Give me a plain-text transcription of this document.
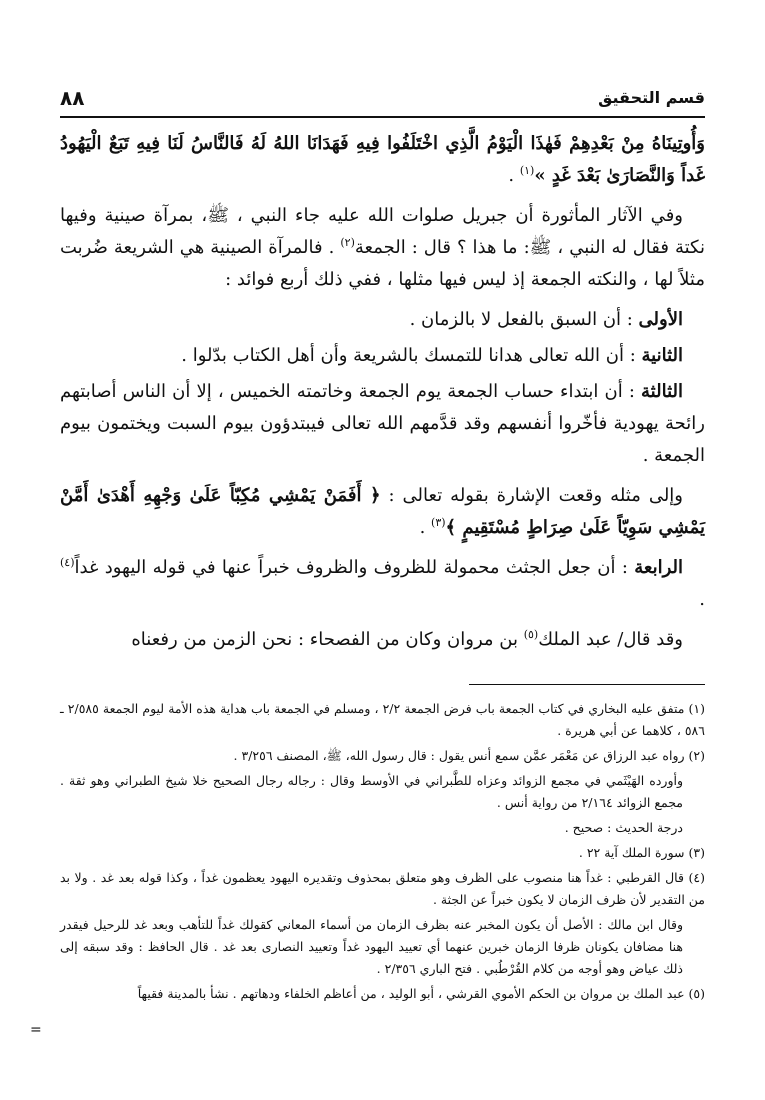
قسم التحقيق
٨٨

وَأُوتِينَاهُ مِنْ بَعْدِهِمْ فَهٰذَا الْيَوْمُ الَّذِي اخْتَلَفُوا فِيهِ فَهَدَانَا اللهُ لَهُ فَالنَّاسُ لَنَا فِيهِ تَبَعٌ الْيَهُودُ غَداً وَالنَّصَارَىٰ بَعْدَ غَدٍ »$^{(١)}$ .

وفي الآثار المأثورة أن جبريل صلوات الله عليه جاء النبي ، ﷺ، بمرآة صينية وفيها نكتة فقال له النبي ، ﷺ: ما هذا ؟ قال : الجمعة$^{(٢)}$ . فالمرآة الصينية هي الشريعة ضُربت مثلاً لها ، والنكته الجمعة إذ ليس فيها مثلها ، ففي ذلك أربع فوائد :

الأولى : أن السبق بالفعل لا بالزمان .

الثانية : أن الله تعالى هدانا للتمسك بالشريعة وأن أهل الكتاب بدّلوا .

الثالثة : أن ابتداء حساب الجمعة يوم الجمعة وخاتمته الخميس ، إلا أن الناس أصابتهم رائحة يهودية فأخّروا أنفسهم وقد قدَّمهم الله تعالى فيبتدؤون بيوم السبت ويختمون بيوم الجمعة .

وإلى مثله وقعت الإشارة بقوله تعالى : ﴿ أَفَمَنْ يَمْشِي مُكِبّاً عَلَىٰ وَجْهِهِ أَهْدَىٰ أَمَّنْ يَمْشِي سَوِيّاً عَلَىٰ صِرَاطٍ مُسْتَقِيمٍ ﴾$^{(٣)}$ .

الرابعة : أن جعل الجثث محمولة للظروف والظروف خبراً عنها في قوله اليهود غداً$^{(٤)}$ .

وقد قال/ عبد الملك$^{(٥)}$ بن مروان وكان من الفصحاء : نحن الزمن من رفعناه

(١) متفق عليه البخاري في كتاب الجمعة باب فرض الجمعة ٢/٢ ، ومسلم في الجمعة باب هداية هذه الأمة ليوم الجمعة ٢/٥٨٥ ـ ٥٨٦ ، كلاهما عن أبي هريرة .

(٢) رواه عبد الرزاق عن مَعْمَر عمَّن سمع أنس يقول : قال رسول الله، ﷺ، المصنف ٣/٢٥٦ .

وأورده الهَيْثَمي في مجمع الزوائد وعزاه للطَّبراني في الأوسط وقال : رجاله رجال الصحيح خلا شيخ الطبراني وهو ثقة . مجمع الزوائد ٢/١٦٤ من رواية أنس .

درجة الحديث : صحيح .

(٣) سورة الملك آية ٢٢ .

(٤) قال القرطبي : غداً هنا منصوب على الظرف وهو متعلق بمحذوف وتقديره اليهود يعظمون غداً ، وكذا قوله بعد غد . ولا بد من التقدير لأن ظرف الزمان لا يكون خبراً عن الجثة .

وقال ابن مالك : الأصل أن يكون المخبر عنه بظرف الزمان من أسماء المعاني كقولك غداً للتأهب وبعد غد للرحيل فيقدر هنا مضافان يكونان ظرفا الزمان خبرين عنهما أي تعييد اليهود غداً وتعييد النصارى بعد غد . قال الحافظ : وقد سبقه إلى ذلك عياض وهو أوجه من كلام القُرْطُبي . فتح الباري ٢/٣٥٦ .

(٥) عبد الملك بن مروان بن الحكم الأموي القرشي ، أبو الوليد ، من أعاظم الخلفاء ودهاتهم . نشأ بالمدينة فقيهاً

=
